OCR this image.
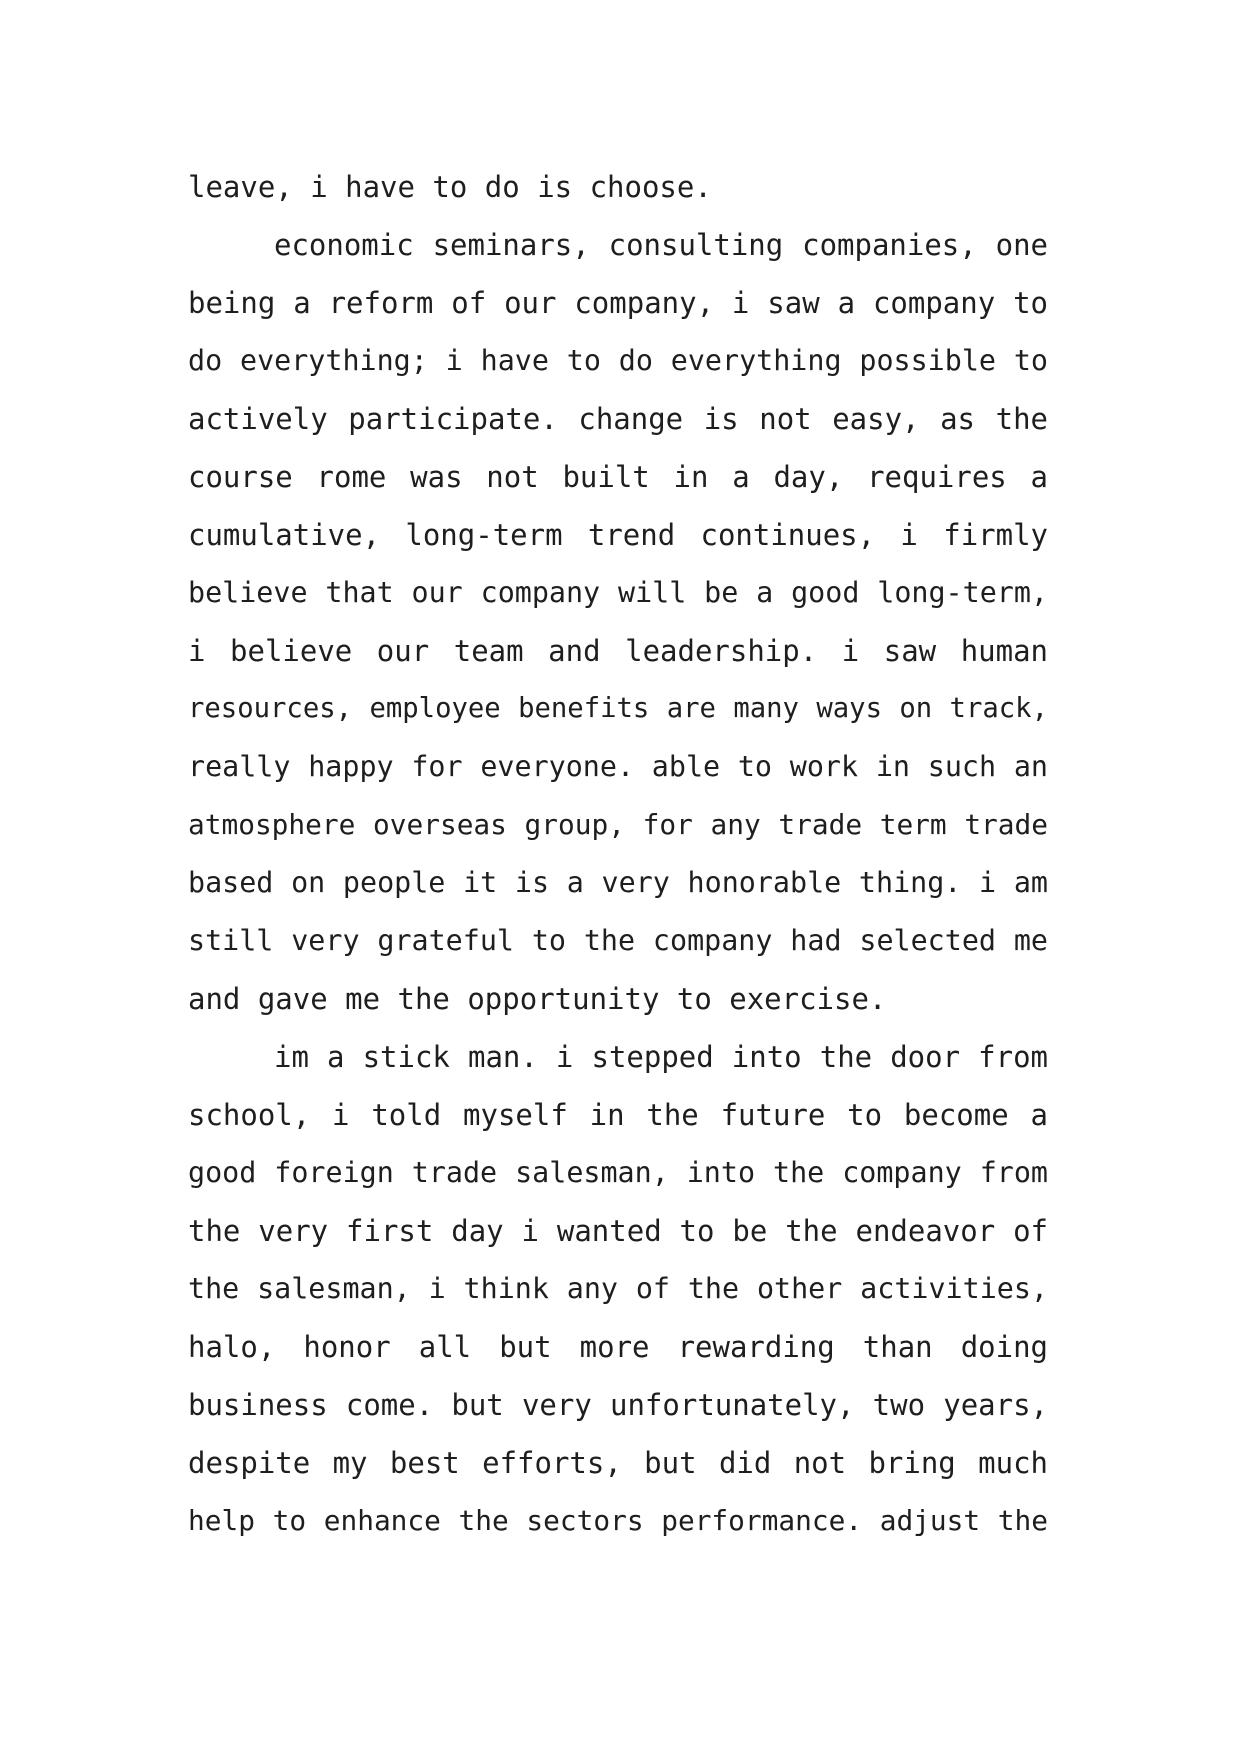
leave, i have to do is choose.
economic seminars, consulting companies, one
being a reform of our company, i saw a company to
do everything; i have to do everything possible to
actively participate. change is not easy, as the
course rome was not built in a day, requires a
cumulative, long-term trend continues, i firmly
believe that our company will be a good long-term,
i believe our team and leadership. i saw human
resources, employee benefits are many ways on track,
really happy for everyone. able to work in such an
atmosphere overseas group, for any trade term trade
based on people it is a very honorable thing. i am
still very grateful to the company had selected me
and gave me the opportunity to exercise.
im a stick man. i stepped into the door from
school, i told myself in the future to become a
good foreign trade salesman, into the company from
the very first day i wanted to be the endeavor of
the salesman, i think any of the other activities,
halo, honor all but more rewarding than doing
business come. but very unfortunately, two years,
despite my best efforts, but did not bring much
help to enhance the sectors performance. adjust the
